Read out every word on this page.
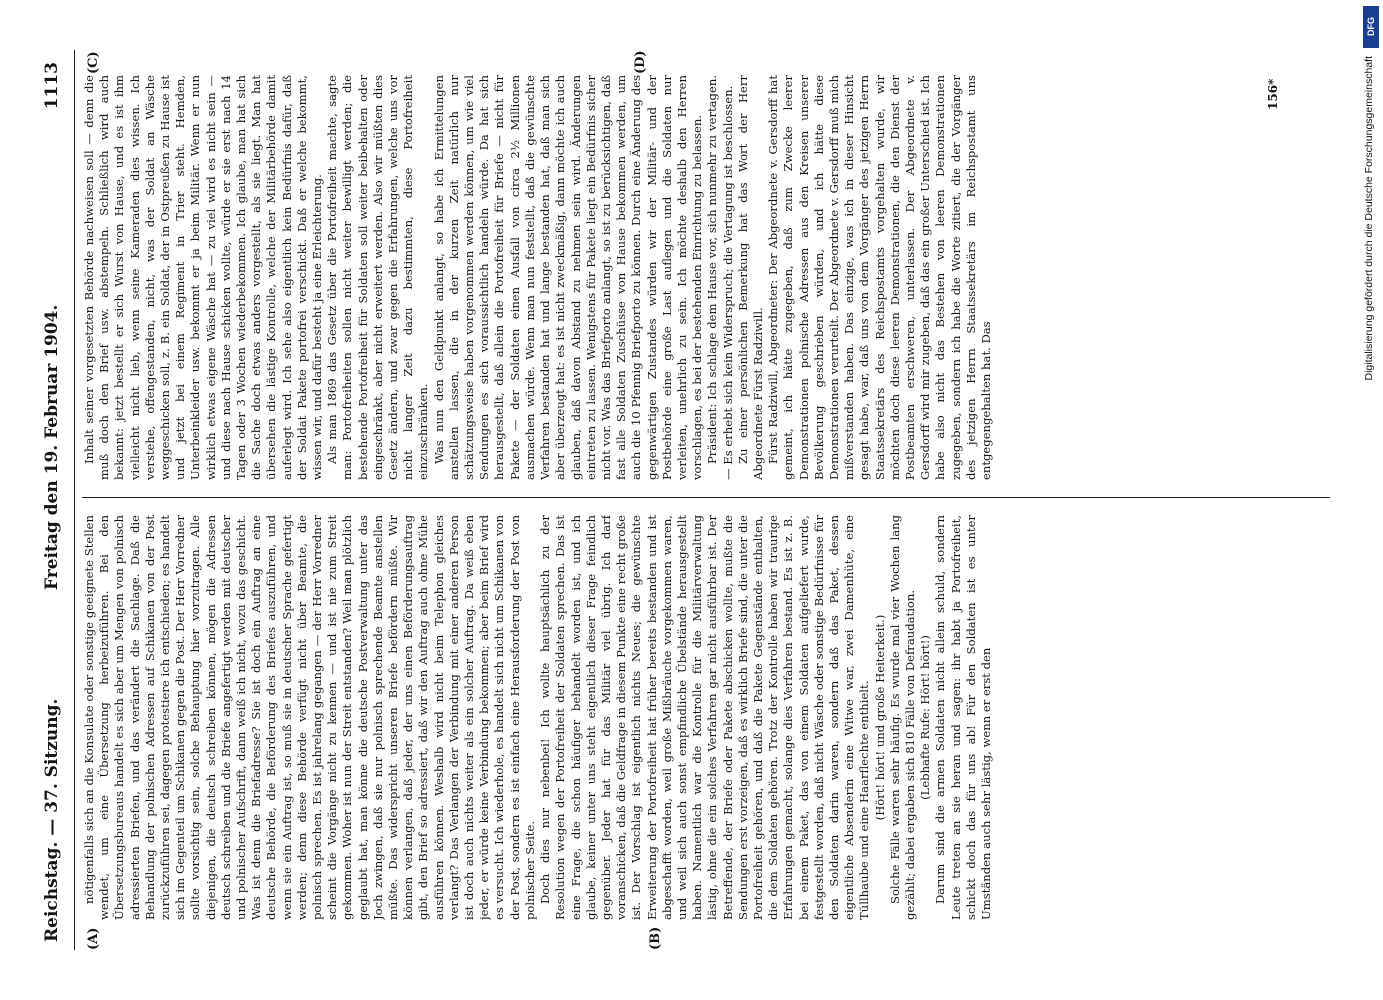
Reichstag. — 37. Sitzung.
Freitag den 19. Februar 1904.
1113
(A)	(B)
(C)	(D)

nötigenfalls sich an die Konsulate oder sonstige geeignete Stellen wendet, um eine Übersetzung herbeizuführen. Bei den Übersetzungsbureaus handelt es sich aber um Mengen von polnisch adressierten Briefen, und das verändert die Sachlage. Daß die Behandlung der polnischen Adressen auf Schikanen von der Post zurückzuführen sei, dagegen protestiere ich entschieden; es handelt sich im Gegenteil um Schikanen gegen die Post. Der Herr Vorredner sollte vorsichtig sein, solche Behauptung hier vorzutragen. Alle diejenigen, die deutsch schreiben können, mögen die Adressen deutsch schreiben und die Briefe angefertigt werden mit deutscher und polnischer Aufschrift, dann weiß ich nicht, wozu das geschicht. Was ist denn die Briefadresse? Sie ist doch ein Auftrag an eine deutsche Behörde, die Beförderung des Briefes auszuführen, und wenn sie ein Auftrag ist, so muß sie in deutscher Sprache gefertigt werden; denn diese Behörde verfügt nicht über Beamte, die polnisch sprechen. Es ist jahrelang gegangen — der Herr Vorredner scheint die Vorgänge nicht zu kennen — und ist nie zum Streit gekommen. Woher ist nun der Streit entstanden? Weil man plötzlich geglaubt hat, man könne die deutsche Postverwaltung unter das Joch zwingen, daß sie nur polnisch sprechende Beamte anstellen müßte. Das widerspricht unseren Briefe befördern müßte. Wir können verlangen, daß jeder, der uns einen Beförderungsauftrag gibt, den Brief so adressiert, daß wir den Auftrag auch ohne Mühe ausführen können. Weshalb wird nicht beim Telephon gleiches verlangt? Das Verlangen der Verbindung mit einer anderen Person ist doch auch nichts weiter als ein solcher Auftrag. Da weiß eben jeder, er würde keine Verbindung bekommen; aber beim Brief wird es versucht. Ich wiederhole, es handelt sich nicht um Schikanen von der Post, sondern es ist einfach eine Herausforderung der Post von polnischer Seite. Doch dies nur nebenbei! Ich wollte hauptsächlich zu der Resolution wegen der Portofreiheit der Soldaten sprechen. Das ist eine Frage, die schon häufiger behandelt worden ist, und ich glaube, keiner unter uns steht eigentlich dieser Frage feindlich gegenüber. Jeder hat für das Militär viel übrig. Ich darf voranschicken, daß die Geldfrage in diesem Punkte eine recht große ist. Der Vorschlag ist eigentlich nichts Neues; die gewünschte Erweiterung der Portofreiheit hat früher bereits bestanden und ist abgeschafft worden, weil große Mißbräuche vorgekommen waren, und weil sich auch sonst empfindliche Übelstände herausgestellt haben. Namentlich war die Kontrolle für die Militärverwaltung lästig, ohne die ein solches Verfahren gar nicht ausführbar ist. Der Betreffende, der Briefe oder Pakete abschicken wollte, mußte die Sendungen erst vorzeigen, daß es wirklich Briefe sind, die unter die Portofreiheit gehören, und daß die Pakete Gegenstände enthalten, die dem Soldaten gehören. Trotz der Kontrolle haben wir traurige Erfahrungen gemacht, solange dies Verfahren bestand. Es ist z. B. bei einem Paket, das von einem Soldaten aufgeliefert wurde, festgestellt worden, daß nicht Wäsche oder sonstige Bedürfnisse für den Soldaten darin waren, sondern daß das Paket, dessen eigentliche Absenderin eine Witwe war, zwei Damenhüte, eine Tüllhaube und eine Haarflechte enthielt. (Hört! hört! und große Heiterkeit.) Solche Fälle waren sehr häufig. Es wurde mal vier Wochen lang gezählt; dabei ergaben sich 810 Fälle von Defraudation. (Lebhafte Rufe: Hört! hört!) Darum sind die armen Soldaten nicht allein schuld, sondern Leute treten an sie heran und sagen: ihr habt ja Portofreiheit, schickt doch das für uns ab! Für den Soldaten ist es unter Umständen auch sehr lästig, wenn er erst den

Inhalt seiner vorgesetzten Behörde nachweisen soll — denn die muß doch den Brief usw. abstempeln. Schließlich wird auch bekannt: jetzt bestellt er sich Wurst von Hause, und es ist ihm vielleicht nicht lieb, wenn seine Kameraden dies wissen. Ich verstehe, offengestanden, nicht, was der Soldat an Wäsche weggeschicken soll, z. B. ein Soldat, der in Ostpreußen zu Hause ist und jetzt bei einem Regiment in Trier steht. Hemden, Unterbeinkleider usw. bekommt er ja beim Militär. Wenn er nun wirklich etwas eigene Wäsche hat — zu viel wird es nicht sein — und diese nach Hause schicken wollte, würde er sie erst nach 14 Tagen oder 3 Wochen wiederbekommen. Ich glaube, man hat sich die Sache doch etwas anders vorgestellt, als sie liegt. Man hat übersehen die lästige Kontrolle, welche der Militärbehörde damit auferlegt wird. Ich sehe also eigentlich kein Bedürfnis dafür, daß der Soldat Pakete portofrei verschickt. Daß er welche bekommt, wissen wir, und dafür besteht ja eine Erleichterung. Als man 1869 das Gesetz über die Portofreiheit machte, sagte man: Portofreiheiten sollen nicht weiter bewilligt werden; die bestehende Portofreiheit für Soldaten soll weiter beibehalten oder eingeschränkt, aber nicht erweitert werden. Also wir müßten dies Gesetz ändern, und zwar gegen die Erfahrungen, welche uns vor nicht langer Zeit dazu bestimmten, diese Portofreiheit einzuschränken. Was nun den Geldpunkt anlangt, so habe ich Ermittelungen anstellen lassen, die in der kurzen Zeit natürlich nur schätzungsweise haben vorgenommen werden können, um wie viel Sendungen es sich voraussichtlich handeln würde. Da hat sich herausgestellt, daß allein die Portofreiheit für Briefe — nicht für Pakete — der Soldaten einen Ausfall von circa 2½ Millionen ausmachen würde. Wenn man nun feststellt, daß die gewünschte Verfahren bestanden hat und lange bestanden hat, daß man sich aber überzeugt hat: es ist nicht zweckmäßig, dann möchte ich auch glauben, daß davon Abstand zu nehmen sein wird. Änderungen eintreten zu lassen. Wenigstens für Pakete liegt ein Bedürfnis sicher nicht vor. Was das Briefporto anlangt, so ist zu berücksichtigen, daß fast alle Soldaten Zuschüsse von Hause bekommen werden, um auch die 10 Pfennig Briefporto zu können. Durch eine Änderung des gegenwärtigen Zustandes würden wir der Militär- und der Postbehörde eine große Last auflegen und die Soldaten nur verleiten, unehrlich zu sein. Ich möchte deshalb den Herren vorschlagen, es bei der bestehenden Einrichtung zu belassen. Präsident: Ich schlage dem Hause vor, sich nunmehr zu vertagen. — Es erhebt sich kein Widerspruch; die Vertagung ist beschlossen. Zu einer persönlichen Bemerkung hat das Wort der Herr Abgeordnete Fürst Radziwill. Fürst Radziwill, Abgeordneter: Der Abgeordnete v. Gersdorff hat gemeint, ich hätte zugegeben, daß zum Zwecke leerer Demonstrationen polnische Adressen aus den Kreisen unserer Bevölkerung geschrieben würden, und ich hätte diese Demonstrationen verurteilt. Der Abgeordnete v. Gersdorff muß mich mißverstanden haben. Das einzige, was ich in dieser Hinsicht gesagt habe, war, daß uns von dem Vorgänger des jetzigen Herrn Staatssekretärs des Reichspostamts vorgehalten wurde, wir möchten doch diese leeren Demonstrationen, die den Dienst der Postbeamten erschweren, unterlassen. Der Abgeordnete v. Gersdorff wird mir zugeben, daß das ein großer Unterschied ist. Ich habe also nicht das Bestehen von leeren Demonstrationen zugegeben, sondern ich habe die Worte zitiert, die der Vorgänger des jetzigen Herrn Staatssekretärs im Reichspostamt uns entgegengehalten hat. Das

156*
DFG
Digitalisierung gefördert durch die Deutsche Forschungsgemeinschaft
